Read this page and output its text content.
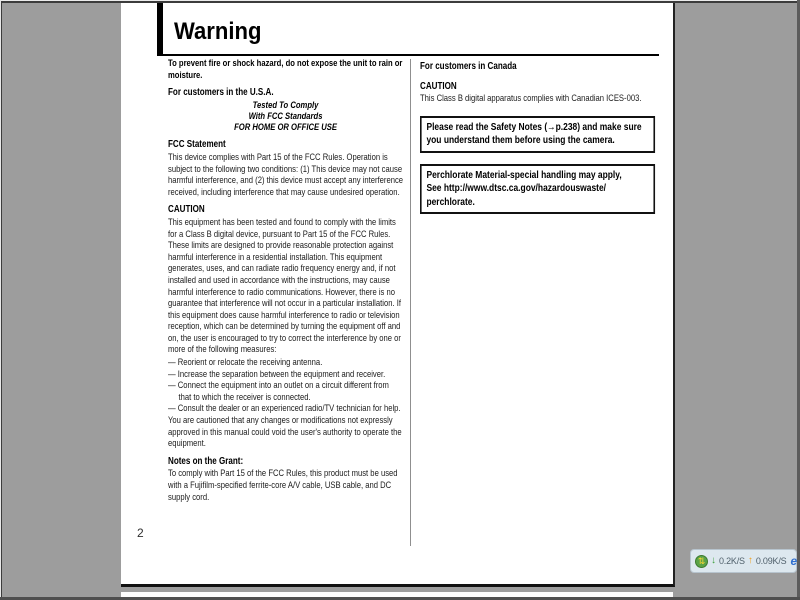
Warning
To prevent fire or shock hazard, do not expose the unit to rain or moisture.
For customers in the U.S.A.
Tested To Comply
With FCC Standards
FOR HOME OR OFFICE USE
FCC Statement
This device complies with Part 15 of the FCC Rules. Operation is subject to the following two conditions: (1) This device may not cause harmful interference, and (2) this device must accept any interference received, including interference that may cause undesired operation.
CAUTION
This equipment has been tested and found to comply with the limits for a Class B digital device, pursuant to Part 15 of the FCC Rules. These limits are designed to provide reasonable protection against harmful interference in a residential installation. This equipment generates, uses, and can radiate radio frequency energy and, if not installed and used in accordance with the instructions, may cause harmful interference to radio communications. However, there is no guarantee that interference will not occur in a particular installation. If this equipment does cause harmful interference to radio or television reception, which can be determined by turning the equipment off and on, the user is encouraged to try to correct the interference by one or more of the following measures:
— Reorient or relocate the receiving antenna.
— Increase the separation between the equipment and receiver.
— Connect the equipment into an outlet on a circuit different from that to which the receiver is connected.
— Consult the dealer or an experienced radio/TV technician for help.
You are cautioned that any changes or modifications not expressly approved in this manual could void the user's authority to operate the equipment.
Notes on the Grant:
To comply with Part 15 of the FCC Rules, this product must be used with a Fujifilm-specified ferrite-core A/V cable, USB cable, and DC supply cord.
For customers in Canada
CAUTION
This Class B digital apparatus complies with Canadian ICES-003.
Please read the Safety Notes (→p.238) and make sure you understand them before using the camera.
Perchlorate Material-special handling may apply,
See http://www.dtsc.ca.gov/hazardouswaste/
perchlorate.
2
⇅ ↓ 0.2K/S ↑ 0.09K/S e
